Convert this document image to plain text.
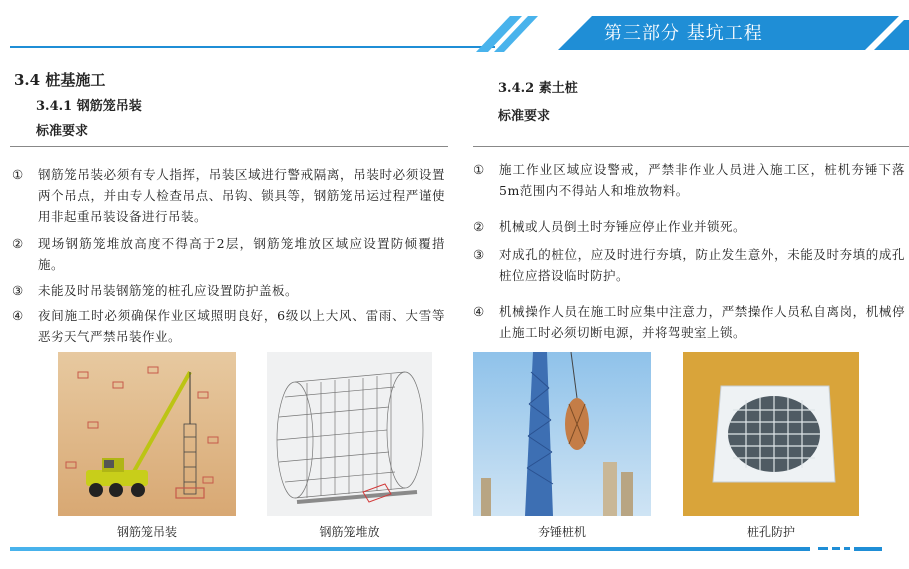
第三部分 基坑工程
3.4 桩基施工
3.4.1 钢筋笼吊装
标准要求
① 钢筋笼吊装必须有专人指挥，吊装区域进行警戒隔离，吊装时必须设置两个吊点，并由专人检查吊点、吊钩、锁具等，钢筋笼吊运过程严谨使用非起重吊装设备进行吊装。
② 现场钢筋笼堆放高度不得高于2层，钢筋笼堆放区域应设置防倾覆措施。
③ 未能及时吊装钢筋笼的桩孔应设置防护盖板。
④ 夜间施工时必须确保作业区域照明良好，6级以上大风、雷雨、大雪等恶劣天气严禁吊装作业。
3.4.2 素土桩
标准要求
① 施工作业区域应设警戒，严禁非作业人员进入施工区，桩机夯锤下落5m范围内不得站人和堆放物料。
② 机械或人员倒土时夯锤应停止作业并锁死。
③ 对成孔的桩位，应及时进行夯填，防止发生意外，未能及时夯填的成孔桩位应搭设临时防护。
④ 机械操作人员在施工时应集中注意力，严禁操作人员私自离岗，机械停止施工时必须切断电源，并将驾驶室上锁。
钢筋笼吊装	钢筋笼堆放	夯锤桩机	桩孔防护
